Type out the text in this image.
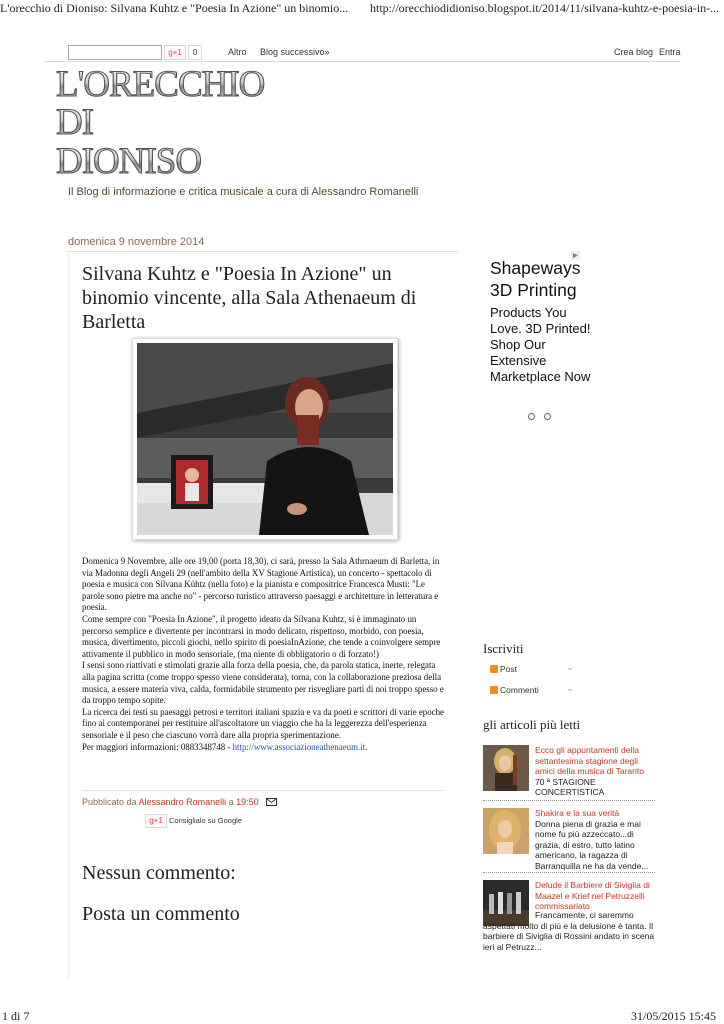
L'orecchio di Dioniso: Silvana Kuhtz e "Poesia In Azione" un binomio... http://orecchiodidioniso.blogspot.it/2014/11/silvana-kuhtz-e-poesia-in-...
g+1	0	Altro Blog successivo»	Crea blog Entra
L'ORECCHIO
DI
DIONISO
Il Blog di informazione e critica musicale a cura di Alessandro Romanelli
domenica 9 novembre 2014
Silvana Kuhtz e "Poesia In Azione" un binomio vincente, alla Sala Athenaeum di Barletta

Domenica 9 Novembre, alle ore 19,00 (porta 18,30), ci sarà, presso la Sala Athrnaeum di Barletta, in via Madonna degli Angeli 29 (nell'ambito della XV Stagione Artistica), un concerto - spettacolo di poesia e musica con Silvana Kühtz (nella foto) e la pianista e compositrice Francesca Musti: "Le parole sono pietre ma anche no" - percorso turistico attraverso paesaggi e architetture in letteratura e poesia.

Come sempre con "Poesia In Azione", il progetto ideato da Silvana Kuhtz, si è immaginato un percorso semplice e divertente per incontrarsi in modo delicato, rispettoso, morbido, con poesia, musica, divertimento, piccoli giochi, nello spirito di poesiaInAzione, che tende a coinvolgere sempre attivamente il pubblico in modo sensoriale, (ma niente di obbligatorio o di forzato!)

I sensi sono riattivati e stimolati grazie alla forza della poesia, che, da parola statica, inerte, relegata alla pagina scritta (come troppo spesso viene considerata), torna, con la collaborazione preziosa della musica, a essere materia viva, calda, formidabile strumento per risvegliare parti di noi troppo spesso e da troppo tempo sopite.

La ricerca dei testi su paesaggi petrosi e territori italiani spazia e va da poeti e scrittori di varie epoche fino ai contemporanei per restituire all'ascoltatore un viaggio che ha la leggerezza dell'esperienza sensoriale e il peso che ciascuno vorrà dare alla propria sperimentazione.

Per maggiori informazioni: 0883348748 - http://www.associazioneathenaeum.it.

Pubblicato da Alessandro Romanelli a 19:50
g+1 Consiglialo su Google
Nessun commento:
Posta un commento
Shapeways
3D Printing
Products You Love. 3D Printed! Shop Our Extensive Marketplace Now
Iscriviti
Post	⌄
Commenti	⌄
gli articoli più letti
Ecco gli appuntamenti della settantesima stagione degli amici della musica di Taranto
70 ª STAGIONE CONCERTISTICA
Shakira e la sua verità
Donna piena di grazia e mai nome fu più azzeccato...di grazia, di estro, tutto latino americano, la ragazza di Barranquilla ne ha da vende...
Delude il Barbiere di Siviglia di Maazel e Krief nel Petruzzelli commissariato
Francamente, ci saremmo aspettati molto di più e la delusione è tanta. Il barbiere di Siviglia di Rossini andato in scena ieri al Petruzz...
1 di 7	31/05/2015 15:45
